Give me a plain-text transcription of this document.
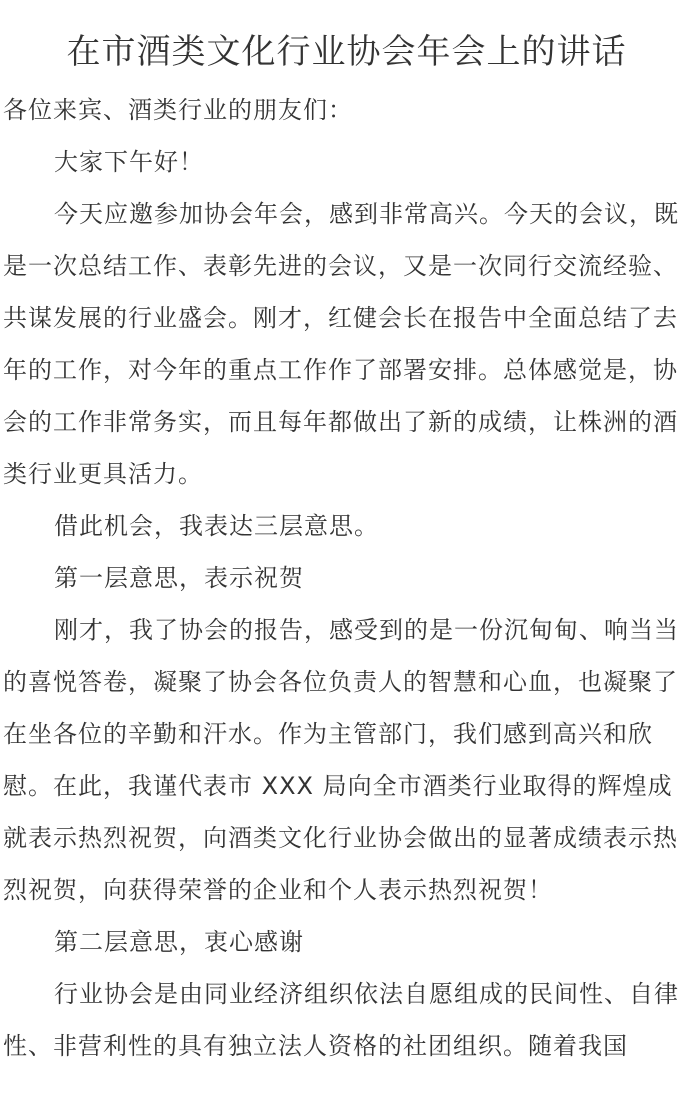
在市酒类文化行业协会年会上的讲话

各位来宾、酒类行业的朋友们：

大家下午好！

今天应邀参加协会年会，感到非常高兴。今天的会议，既是一次总结工作、表彰先进的会议，又是一次同行交流经验、共谋发展的行业盛会。刚才，红健会长在报告中全面总结了去年的工作，对今年的重点工作作了部署安排。总体感觉是，协会的工作非常务实，而且每年都做出了新的成绩，让株洲的酒类行业更具活力。

借此机会，我表达三层意思。

第一层意思，表示祝贺

刚才，我了协会的报告，感受到的是一份沉甸甸、响当当的喜悦答卷，凝聚了协会各位负责人的智慧和心血，也凝聚了在坐各位的辛勤和汗水。作为主管部门，我们感到高兴和欣慰。在此，我谨代表市 XXX 局向全市酒类行业取得的辉煌成就表示热烈祝贺，向酒类文化行业协会做出的显著成绩表示热烈祝贺，向获得荣誉的企业和个人表示热烈祝贺！

第二层意思，衷心感谢

行业协会是由同业经济组织依法自愿组成的民间性、自律性、非营利性的具有独立法人资格的社团组织。随着我国
